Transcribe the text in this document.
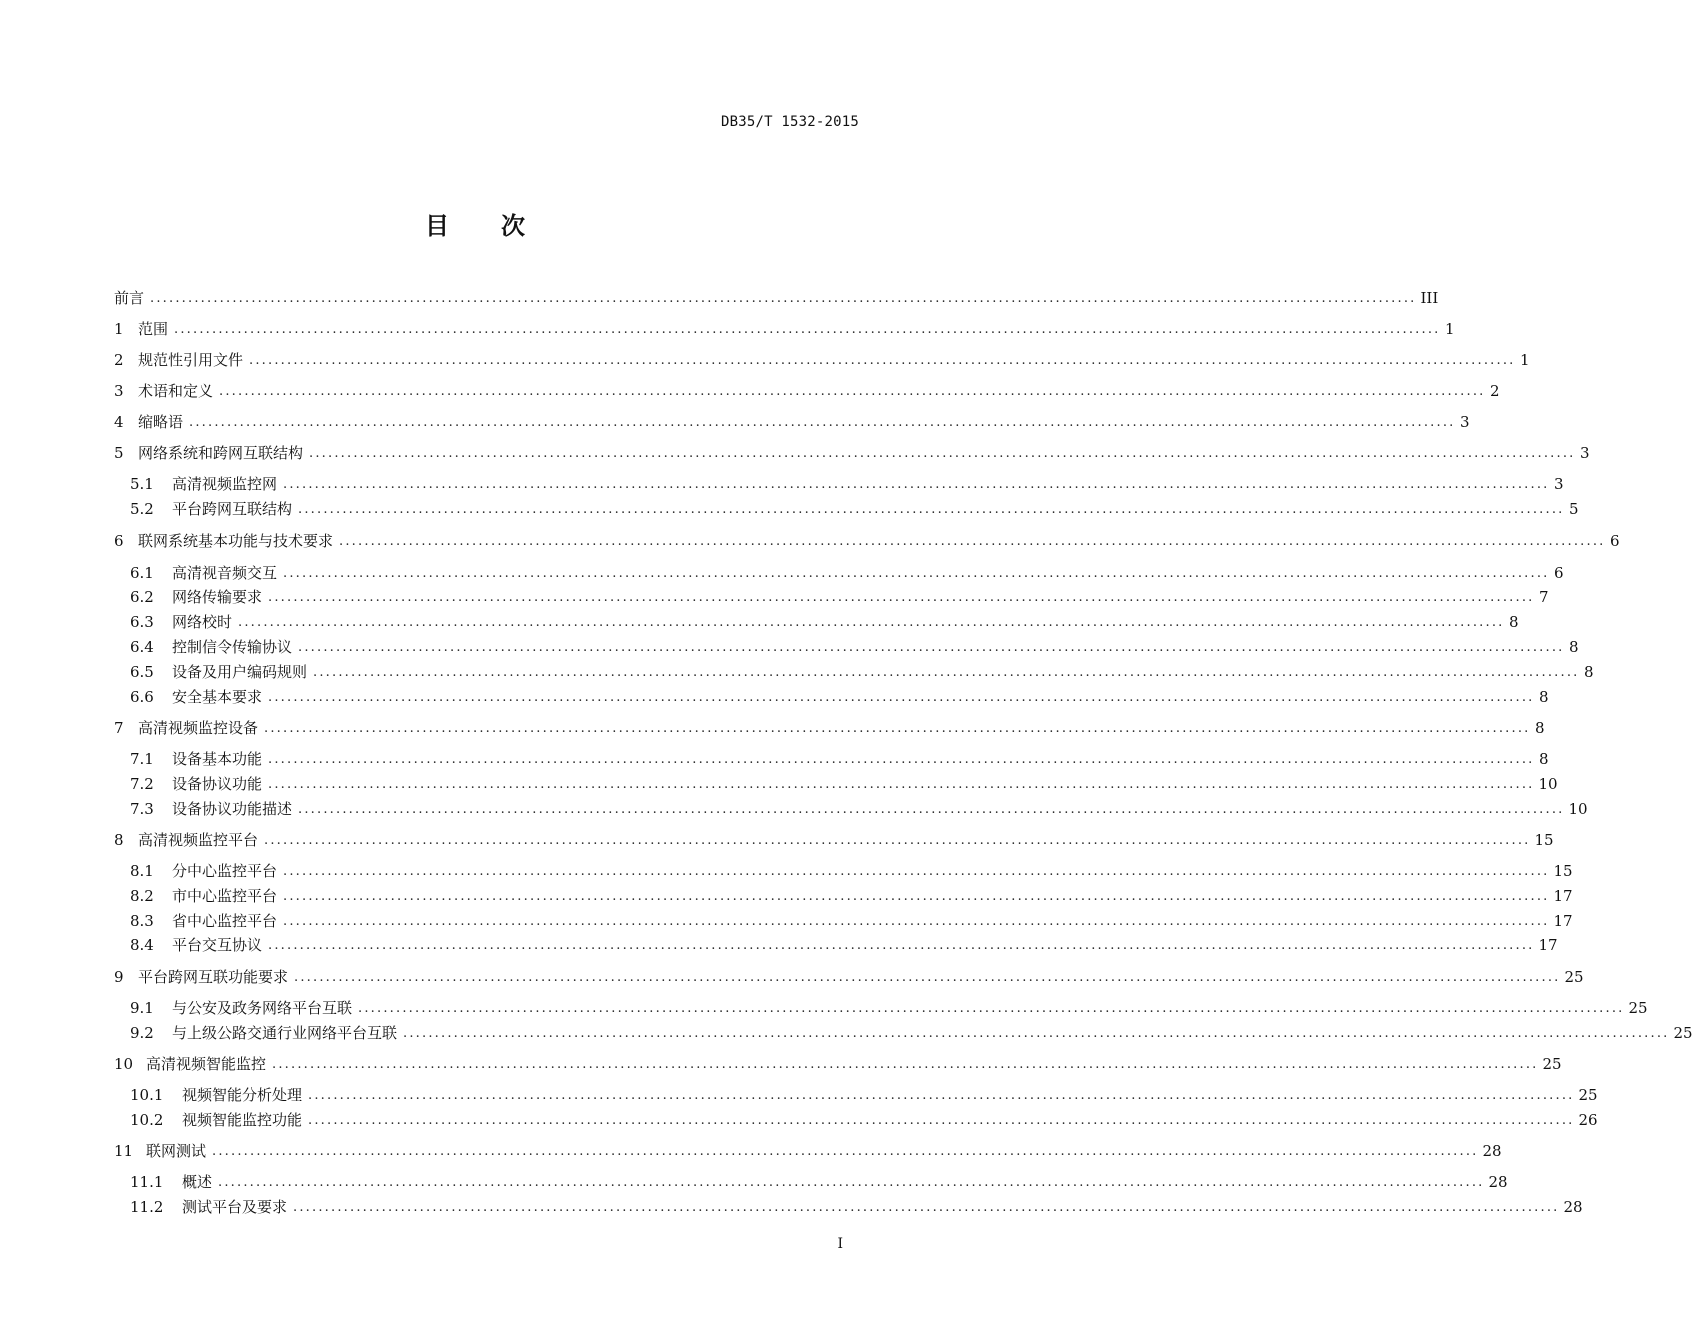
DB35/T 1532-2015
目 次
前言 ........................................................................................................................................................................................................ III
1 范围 ........................................................................................................................................................................................................ 1
2 规范性引用文件 ........................................................................................................................................................................................................ 1
3 术语和定义 ........................................................................................................................................................................................................ 2
4 缩略语 ........................................................................................................................................................................................................ 3
5 网络系统和跨网互联结构 ........................................................................................................................................................................................................ 3
5.1	高清视频监控网 ........................................................................................................................................................................................................ 3
5.2	平台跨网互联结构 ........................................................................................................................................................................................................ 5
6 联网系统基本功能与技术要求 ........................................................................................................................................................................................................ 6
6.1	高清视音频交互 ........................................................................................................................................................................................................ 6
6.2	网络传输要求 ........................................................................................................................................................................................................ 7
6.3	网络校时 ........................................................................................................................................................................................................ 8
6.4	控制信令传输协议 ........................................................................................................................................................................................................ 8
6.5	设备及用户编码规则 ........................................................................................................................................................................................................ 8
6.6	安全基本要求 ........................................................................................................................................................................................................ 8
7 高清视频监控设备 ........................................................................................................................................................................................................ 8
7.1	设备基本功能 ........................................................................................................................................................................................................ 8
7.2	设备协议功能 ........................................................................................................................................................................................................ 10
7.3	设备协议功能描述 ........................................................................................................................................................................................................ 10
8 高清视频监控平台 ........................................................................................................................................................................................................ 15
8.1	分中心监控平台 ........................................................................................................................................................................................................ 15
8.2	市中心监控平台 ........................................................................................................................................................................................................ 17
8.3	省中心监控平台 ........................................................................................................................................................................................................ 17
8.4	平台交互协议 ........................................................................................................................................................................................................ 17
9 平台跨网互联功能要求 ........................................................................................................................................................................................................ 25
9.1	与公安及政务网络平台互联 ........................................................................................................................................................................................................ 25
9.2	与上级公路交通行业网络平台互联 ........................................................................................................................................................................................................ 25
10 高清视频智能监控 ........................................................................................................................................................................................................ 25
10.1	视频智能分析处理 ........................................................................................................................................................................................................ 25
10.2	视频智能监控功能 ........................................................................................................................................................................................................ 26
11 联网测试 ........................................................................................................................................................................................................ 28
11.1	概述 ........................................................................................................................................................................................................ 28
11.2	测试平台及要求 ........................................................................................................................................................................................................ 28
I
